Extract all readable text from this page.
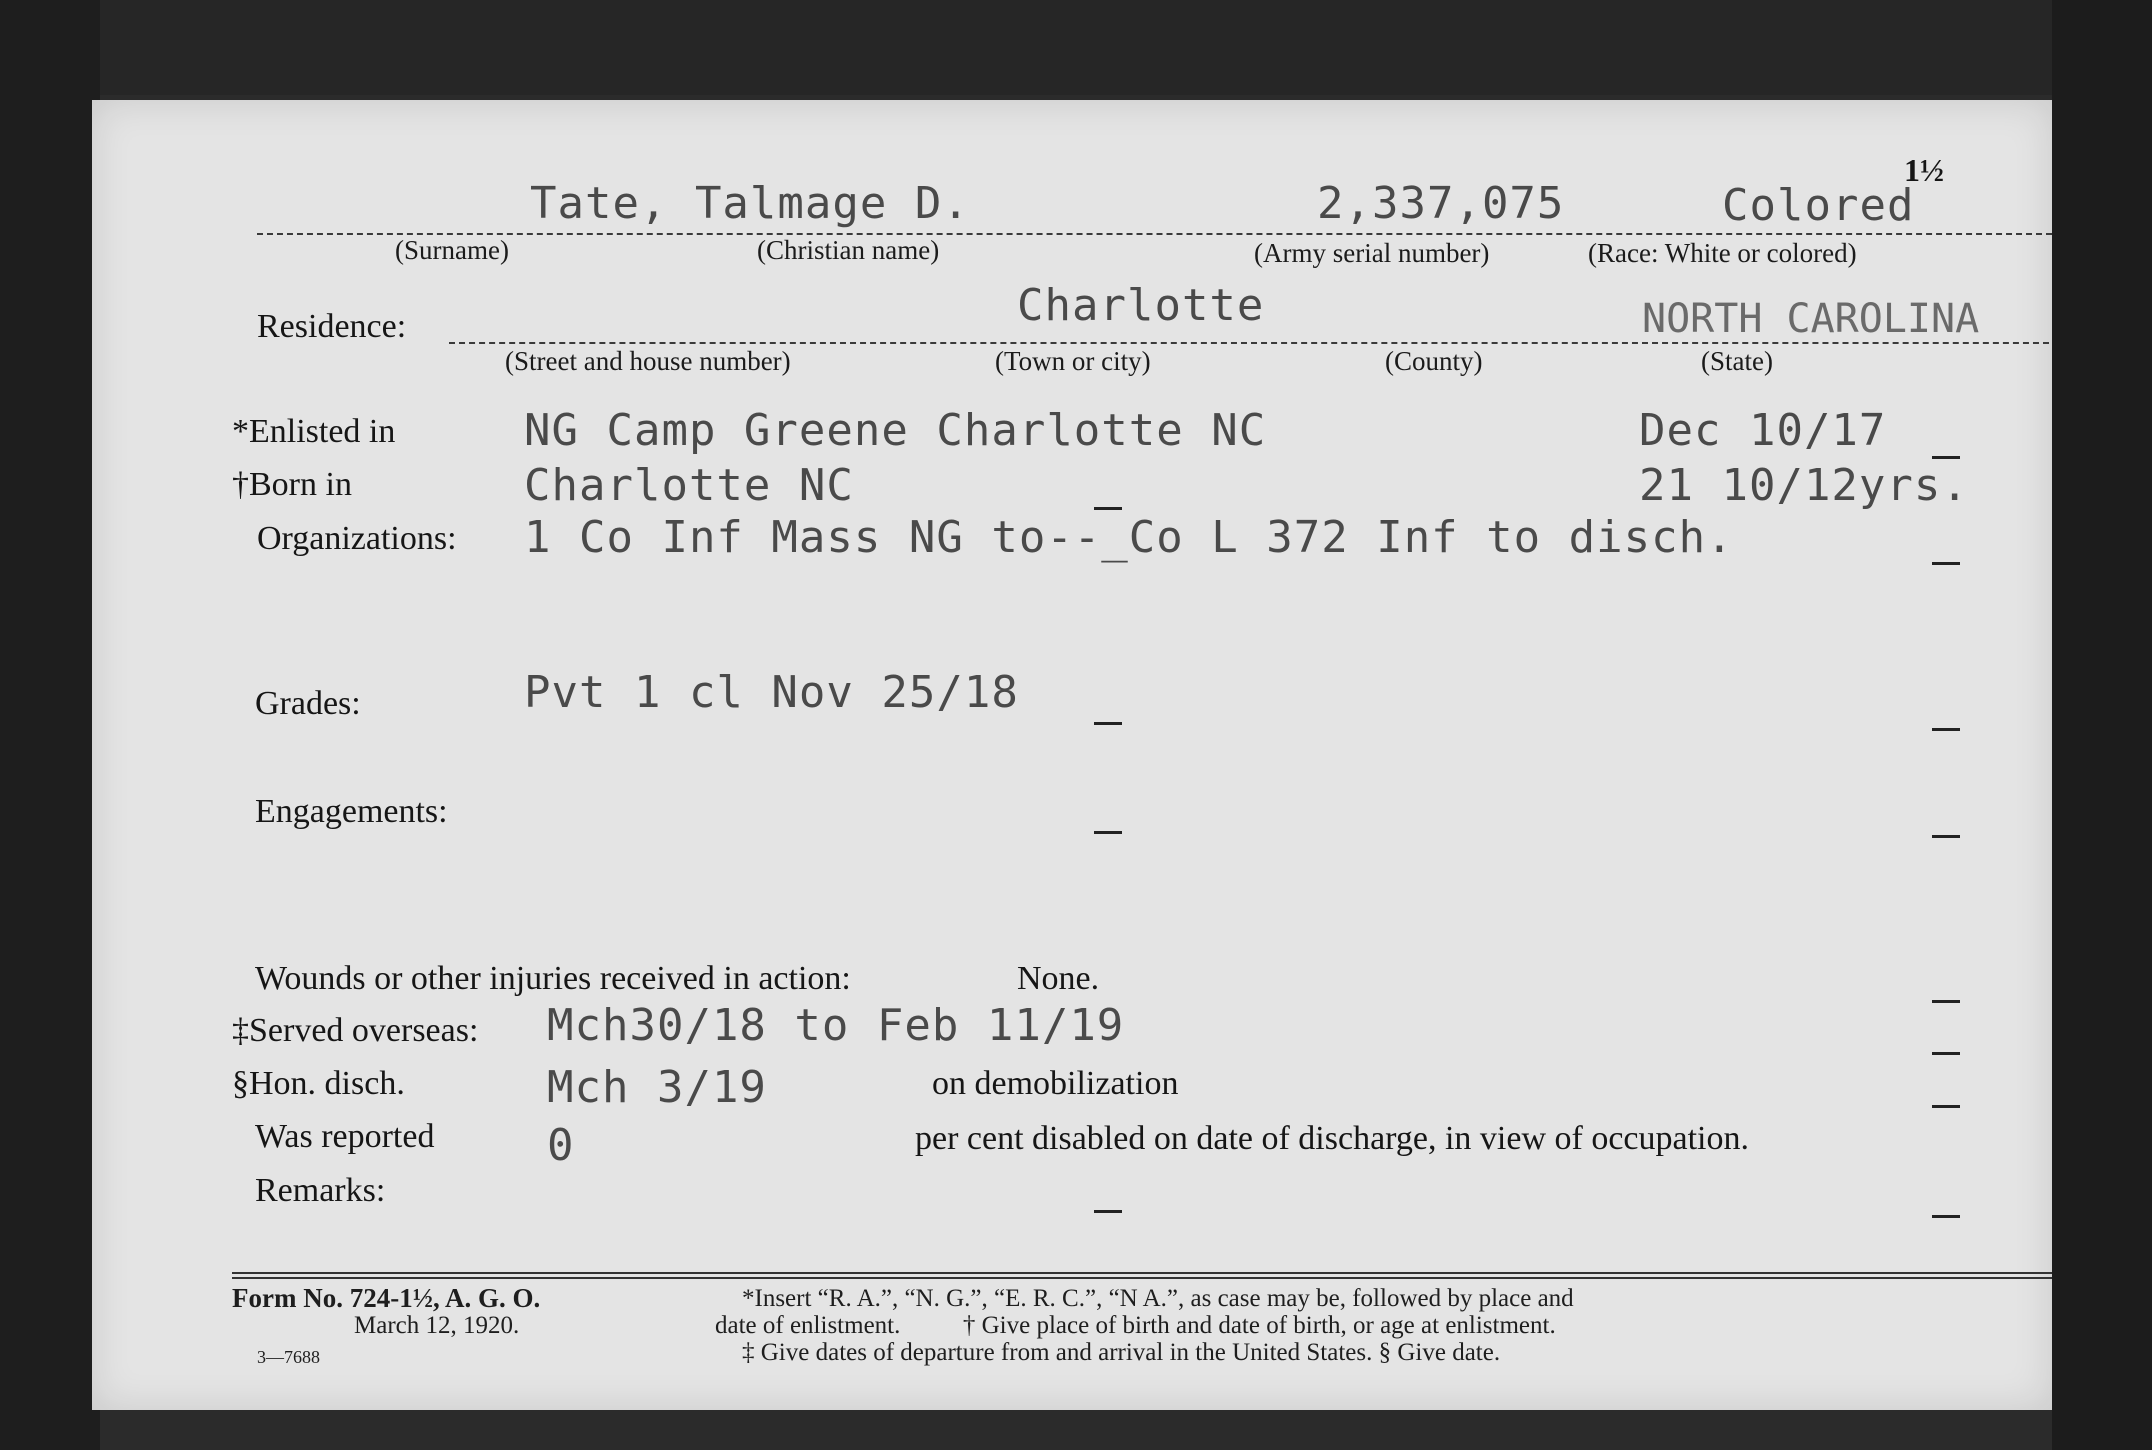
1½
Tate, Talmage D.	2,337,075	Colored
(Surname)	(Christian name)	(Army serial number)	(Race: White or colored)
Residence:	Charlotte	NORTH CAROLINA
(Street and house number)	(Town or city)	(County)	(State)
*Enlisted in	NG Camp Greene Charlotte NC	Dec 10/17
†Born in	Charlotte NC	21 10/12yrs.
Organizations: 1 Co Inf Mass NG to--_Co L 372 Inf to disch.
Grades:	Pvt 1 cl Nov 25/18
Engagements:
Wounds or other injuries received in action:	None.
‡Served overseas: Mch30/18 to Feb 11/19
§Hon. disch.	Mch 3/19	on demobilization
Was reported	0	per cent disabled on date of discharge, in view of occupation.
Remarks:
Form No. 724-1½, A. G. O.
March 12, 1920.
3—7688
*Insert “R. A.”, “N. G.”, “E. R. C.”, “N A.”, as case may be, followed by place and
date of enlistment.          † Give place of birth and date of birth, or age at enlistment.
‡ Give dates of departure from and arrival in the United States. § Give date.
